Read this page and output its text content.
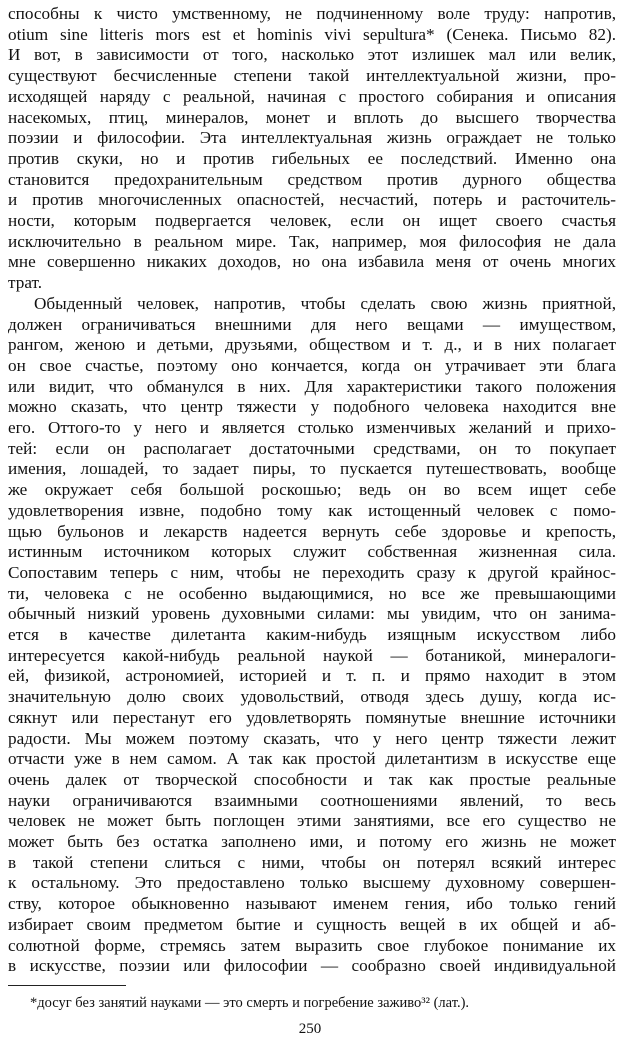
способны к чисто умственному, не подчиненному воле труду: напротив,
otium sine litteris mors est et hominis vivi sepultura* (Сенека. Письмо 82).
И вот, в зависимости от того, насколько этот излишек мал или велик,
существуют бесчисленные степени такой интеллектуальной жизни, про-
исходящей наряду с реальной, начиная с простого собирания и описания
насекомых, птиц, минералов, монет и вплоть до высшего творчества
поэзии и философии. Эта интеллектуальная жизнь ограждает не только
против скуки, но и против гибельных ее последствий. Именно она
становится предохранительным средством против дурного общества
и против многочисленных опасностей, несчастий, потерь и расточитель-
ности, которым подвергается человек, если он ищет своего счастья
исключительно в реальном мире. Так, например, моя философия не дала
мне совершенно никаких доходов, но она избавила меня от очень многих
трат.
Обыденный человек, напротив, чтобы сделать свою жизнь приятной,
должен ограничиваться внешними для него вещами — имуществом,
рангом, женою и детьми, друзьями, обществом и т. д., и в них полагает
он свое счастье, поэтому оно кончается, когда он утрачивает эти блага
или видит, что обманулся в них. Для характеристики такого положения
можно сказать, что центр тяжести у подобного человека находится вне
его. Оттого-то у него и является столько изменчивых желаний и прихо-
тей: если он располагает достаточными средствами, он то покупает
имения, лошадей, то задает пиры, то пускается путешествовать, вообще
же окружает себя большой роскошью; ведь он во всем ищет себе
удовлетворения извне, подобно тому как истощенный человек с помо-
щью бульонов и лекарств надеется вернуть себе здоровье и крепость,
истинным источником которых служит собственная жизненная сила.
Сопоставим теперь с ним, чтобы не переходить сразу к другой крайнос-
ти, человека с не особенно выдающимися, но все же превышающими
обычный низкий уровень духовными силами: мы увидим, что он занима-
ется в качестве дилетанта каким-нибудь изящным искусством либо
интересуется какой-нибудь реальной наукой — ботаникой, минералоги-
ей, физикой, астрономией, историей и т. п. и прямо находит в этом
значительную долю своих удовольствий, отводя здесь душу, когда ис-
сякнут или перестанут его удовлетворять помянутые внешние источники
радости. Мы можем поэтому сказать, что у него центр тяжести лежит
отчасти уже в нем самом. А так как простой дилетантизм в искусстве еще
очень далек от творческой способности и так как простые реальные
науки ограничиваются взаимными соотношениями явлений, то весь
человек не может быть поглощен этими занятиями, все его существо не
может быть без остатка заполнено ими, и потому его жизнь не может
в такой степени слиться с ними, чтобы он потерял всякий интерес
к остальному. Это предоставлено только высшему духовному совершен-
ству, которое обыкновенно называют именем гения, ибо только гений
избирает своим предметом бытие и сущность вещей в их общей и аб-
солютной форме, стремясь затем выразить свое глубокое понимание их
в искусстве, поэзии или философии — сообразно своей индивидуальной
*досуг без занятий науками — это смерть и погребение заживо³² (лат.).
250
